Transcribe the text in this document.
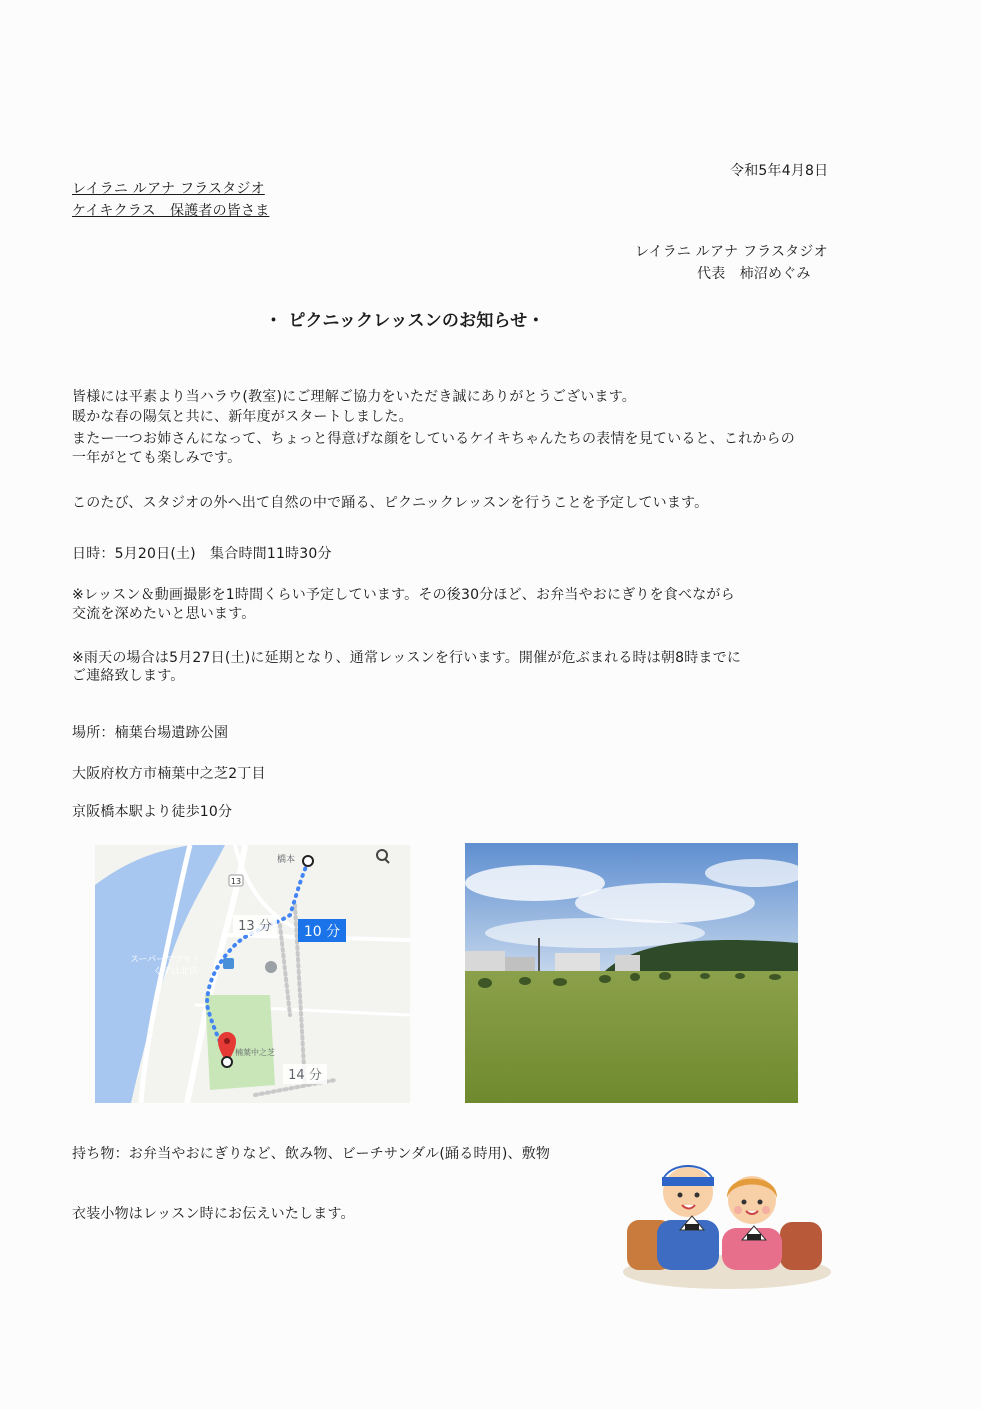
令和5年4月8日
レイラニ ルアナ フラスタジオ
ケイキクラス　保護者の皆さま
レイラニ ルアナ フラスタジオ
代表　柿沼めぐみ
・ ピクニックレッスンのお知らせ・
皆様には平素より当ハラウ(教室)にご理解ご協力をいただき誠にありがとうございます。
暖かな春の陽気と共に、新年度がスタートしました。
またー一つお姉さんになって、ちょっと得意げな顔をしているケイキちゃんたちの表情を見ていると、これからの
一年がとても楽しみです。
このたび、スタジオの外へ出て自然の中で踊る、ピクニックレッスンを行うことを予定しています。
日時：5月20日(土)　集合時間11時30分
※レッスン＆動画撮影を1時間くらい予定しています。その後30分ほど、お弁当やおにぎりを食べながら
交流を深めたいと思います。
※雨天の場合は5月27日(土)に延期となり、通常レッスンを行います。開催が危ぶまれる時は朝8時までに
ご連絡致します。
場所：楠葉台場遺跡公園
大阪府枚方市楠葉中之芝2丁目
京阪橋本駅より徒歩10分
10 分
13 分
14 分
橋本
13
スーパーマツモト
くずは北店
楠葉中之芝
持ち物：お弁当やおにぎりなど、飲み物、ビーチサンダル(踊る時用)、敷物
衣装小物はレッスン時にお伝えいたします。
